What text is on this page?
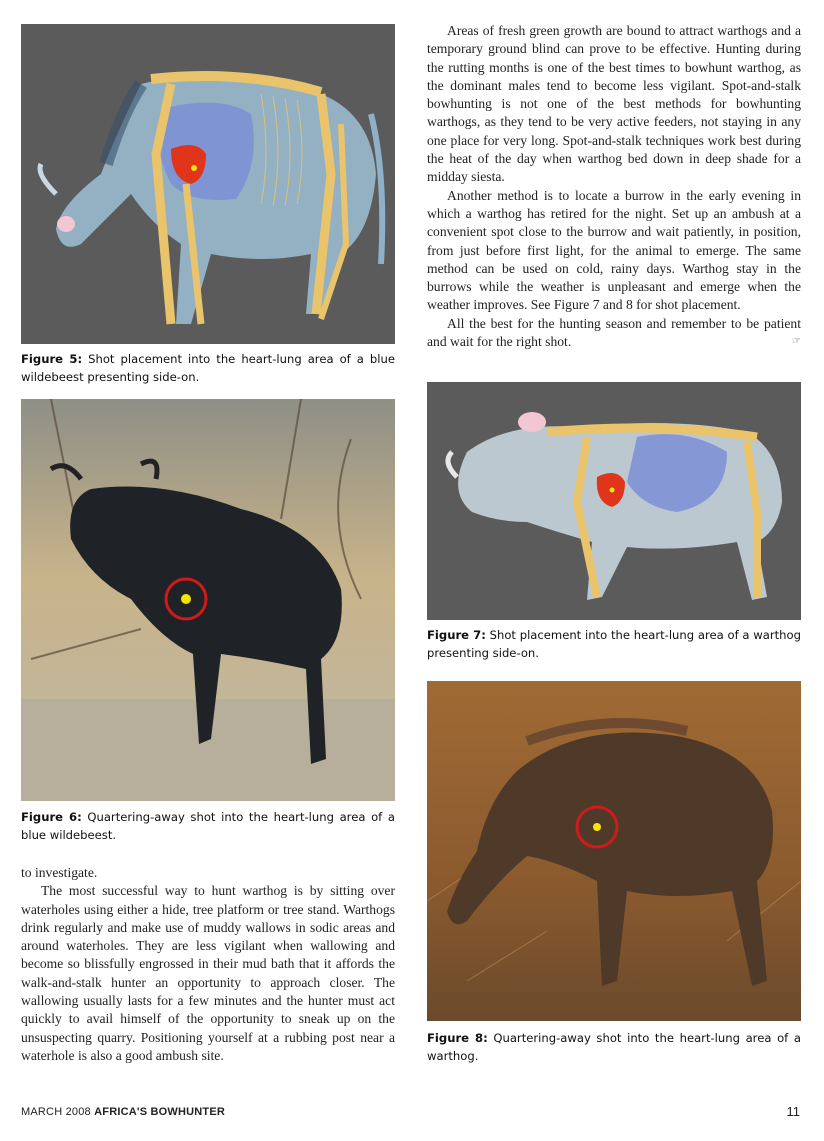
Figure 5: Shot placement into the heart-lung area of a blue wildebeest presenting side-on.
Figure 6: Quartering-away shot into the heart-lung area of a blue wildebeest.

to investigate.

The most successful way to hunt warthog is by sitting over waterholes using either a hide, tree platform or tree stand. Warthogs drink regularly and make use of muddy wallows in sodic areas and around waterholes. They are less vigilant when wallowing and become so blissfully engrossed in their mud bath that it affords the walk-and-stalk hunter an opportunity to approach closer. The wallowing usually lasts for a few minutes and the hunter must act quickly to avail himself of the opportunity to sneak up on the unsuspecting quarry. Positioning yourself at a rubbing post near a waterhole is also a good ambush site.

Areas of fresh green growth are bound to attract warthogs and a temporary ground blind can prove to be effective. Hunting during the rutting months is one of the best times to bowhunt warthog, as the dominant males tend to become less vigilant. Spot-and-stalk bowhunting is not one of the best methods for bowhunting warthogs, as they tend to be very active feeders, not staying in any one place for very long. Spot-and-stalk techniques work best during the heat of the day when warthog bed down in deep shade for a midday siesta.

Another method is to locate a burrow in the early evening in which a warthog has retired for the night. Set up an ambush at a convenient spot close to the burrow and wait patiently, in position, from just before first light, for the animal to emerge. The same method can be used on cold, rainy days. Warthog stay in the burrows while the weather is unpleasant and emerge when the weather improves. See Figure 7 and 8 for shot placement.

All the best for the hunting season and remember to be patient and wait for the right shot.	☞

Figure 7: Shot placement into the heart-lung area of a warthog presenting side-on.
Figure 8: Quartering-away shot into the heart-lung area of a warthog.
MARCH 2008 AFRICA'S BOWHUNTER	11
